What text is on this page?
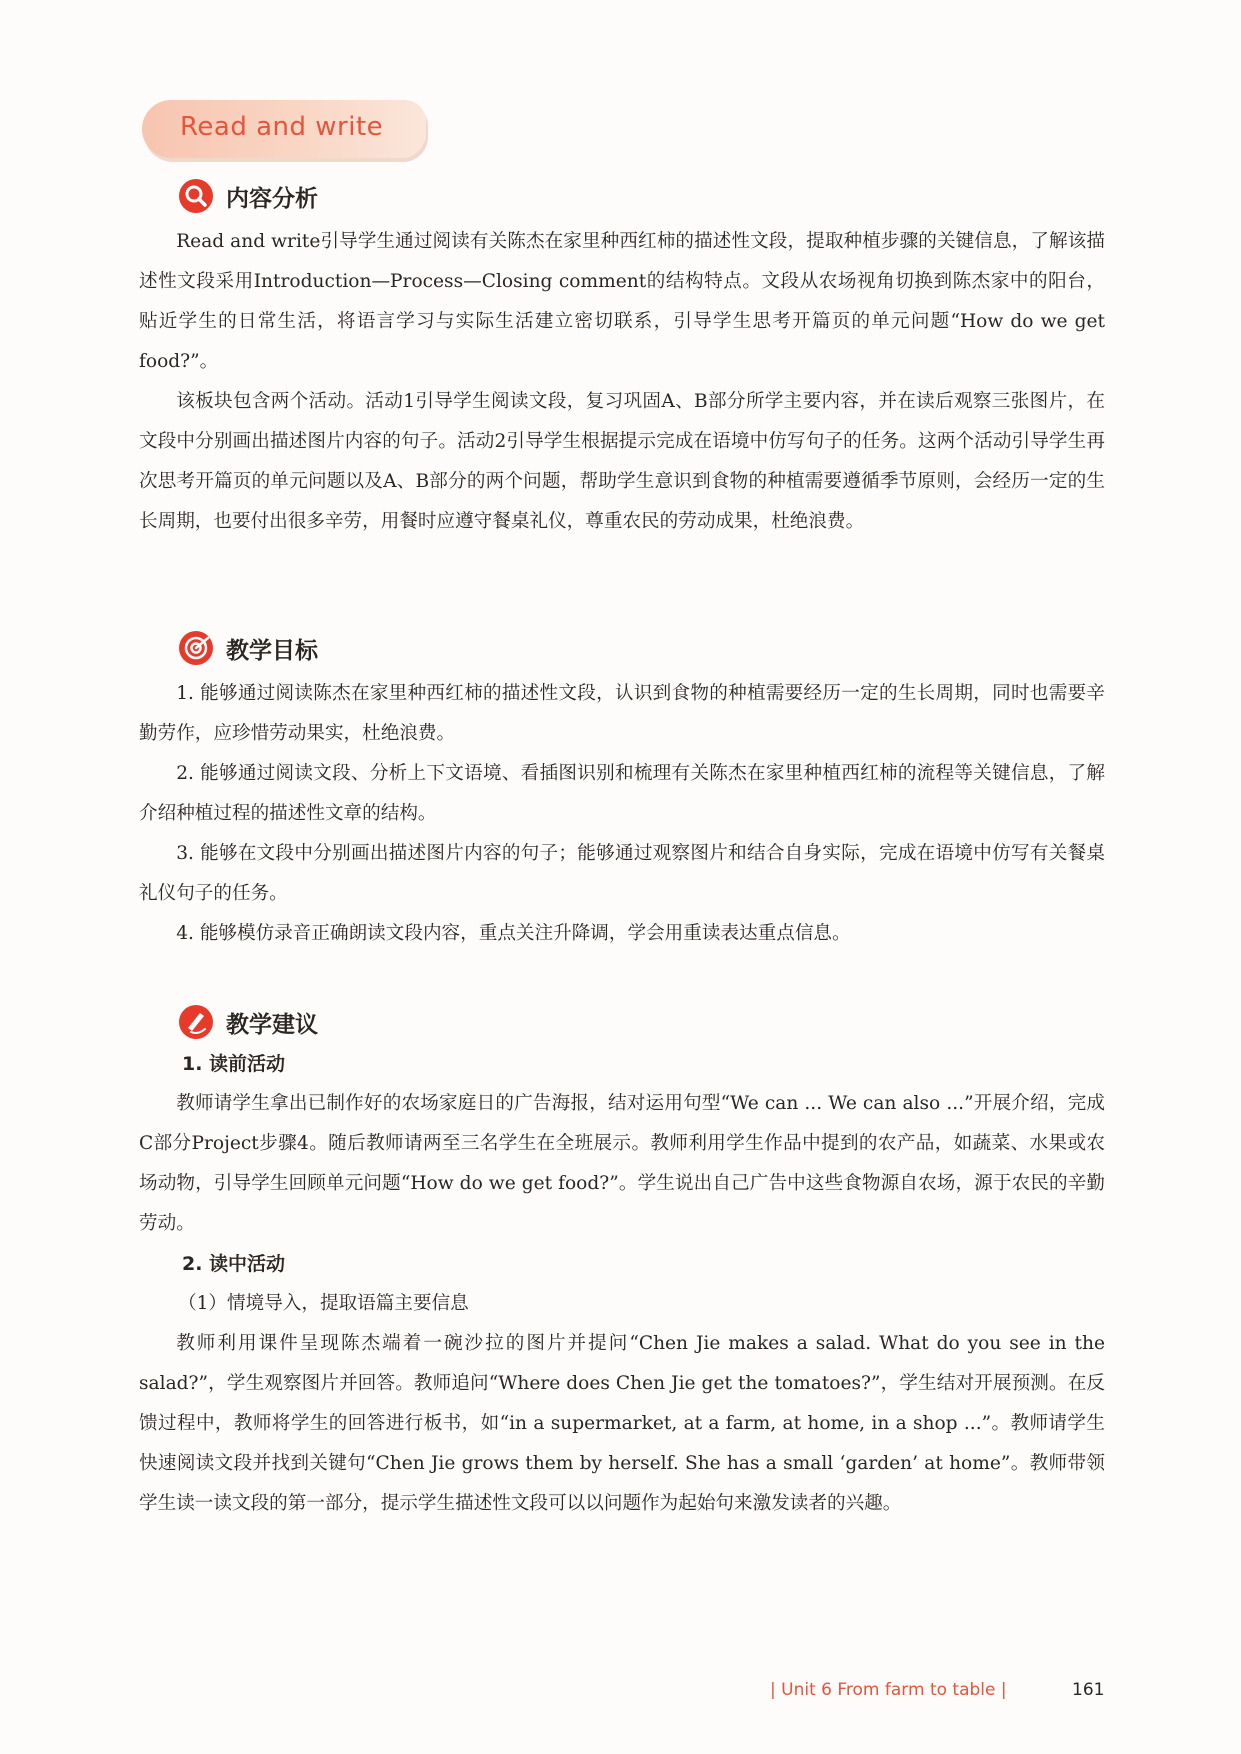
Read and write
内容分析

Read and write引导学生通过阅读有关陈杰在家里种西红柿的描述性文段，提取种植步骤的关键信息，了解该描述性文段采用Introduction—Process—Closing comment的结构特点。文段从农场视角切换到陈杰家中的阳台，贴近学生的日常生活，将语言学习与实际生活建立密切联系，引导学生思考开篇页的单元问题“How do we get food?”。

该板块包含两个活动。活动1引导学生阅读文段，复习巩固A、B部分所学主要内容，并在读后观察三张图片，在文段中分别画出描述图片内容的句子。活动2引导学生根据提示完成在语境中仿写句子的任务。这两个活动引导学生再次思考开篇页的单元问题以及A、B部分的两个问题，帮助学生意识到食物的种植需要遵循季节原则，会经历一定的生长周期，也要付出很多辛劳，用餐时应遵守餐桌礼仪，尊重农民的劳动成果，杜绝浪费。

教学目标

1. 能够通过阅读陈杰在家里种西红柿的描述性文段，认识到食物的种植需要经历一定的生长周期，同时也需要辛勤劳作，应珍惜劳动果实，杜绝浪费。

2. 能够通过阅读文段、分析上下文语境、看插图识别和梳理有关陈杰在家里种植西红柿的流程等关键信息，了解介绍种植过程的描述性文章的结构。

3. 能够在文段中分别画出描述图片内容的句子；能够通过观察图片和结合自身实际，完成在语境中仿写有关餐桌礼仪句子的任务。

4. 能够模仿录音正确朗读文段内容，重点关注升降调，学会用重读表达重点信息。

教学建议
1. 读前活动

教师请学生拿出已制作好的农场家庭日的广告海报，结对运用句型“We can ... We can also ...”开展介绍，完成C部分Project步骤4。随后教师请两至三名学生在全班展示。教师利用学生作品中提到的农产品，如蔬菜、水果或农场动物，引导学生回顾单元问题“How do we get food?”。学生说出自己广告中这些食物源自农场，源于农民的辛勤劳动。

2. 读中活动
（1）情境导入，提取语篇主要信息

教师利用课件呈现陈杰端着一碗沙拉的图片并提问“Chen Jie makes a salad. What do you see in the salad?”，学生观察图片并回答。教师追问“Where does Chen Jie get the tomatoes?”，学生结对开展预测。在反馈过程中，教师将学生的回答进行板书，如“in a supermarket, at a farm, at home, in a shop ...”。教师请学生快速阅读文段并找到关键句“Chen Jie grows them by herself. She has a small ‘garden’ at home”。教师带领学生读一读文段的第一部分，提示学生描述性文段可以以问题作为起始句来激发读者的兴趣。

| Unit 6 From farm to table |	161
